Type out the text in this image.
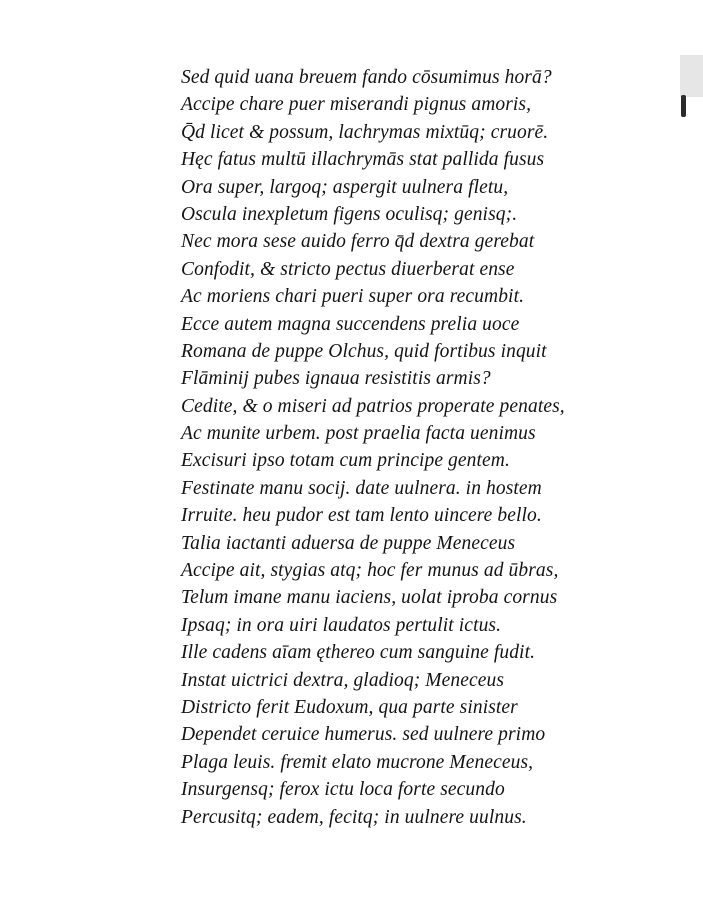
Sed quid uana breuem fando cōsumimus horā?
Accipe chare puer miserandi pignus amoris,
Q̄d licet & possum, lachrymas mixtūq; cruorē.
Hęc fatus multū illachrymās stat pallida fusus
Ora super, largoq; aspergit uulnera fletu,
Oscula inexpletum figens oculisq; genisq;.
Nec mora sese auido ferro q̄d dextra gerebat
Confodit, & stricto pectus diuerberat ense
Ac moriens chari pueri super ora recumbit.
Ecce autem magna succendens prelia uoce
Romana de puppe Olchus, quid fortibus inquit
Flāminij pubes ignaua resistitis armis?
Cedite, & o miseri ad patrios properate penates,
Ac munite urbem. post praelia facta uenimus
Excisuri ipso totam cum principe gentem.
Festinate manu socij. date uulnera. in hostem
Irruite. heu pudor est tam lento uincere bello.
Talia iactanti aduersa de puppe Meneceus
Accipe ait, stygias atq; hoc fer munus ad ūbras,
Telum imane manu iaciens, uolat iproba cornus
Ipsaq; in ora uiri laudatos pertulit ictus.
Ille cadens aīam ęthereo cum sanguine fudit.
Instat uictrici dextra, gladioq; Meneceus
Districto ferit Eudoxum, qua parte sinister
Dependet ceruice humerus. sed uulnere primo
Plaga leuis. fremit elato mucrone Meneceus,
Insurgensq; ferox ictu loca forte secundo
Percusitq; eadem, fecitq; in uulnere uulnus.
